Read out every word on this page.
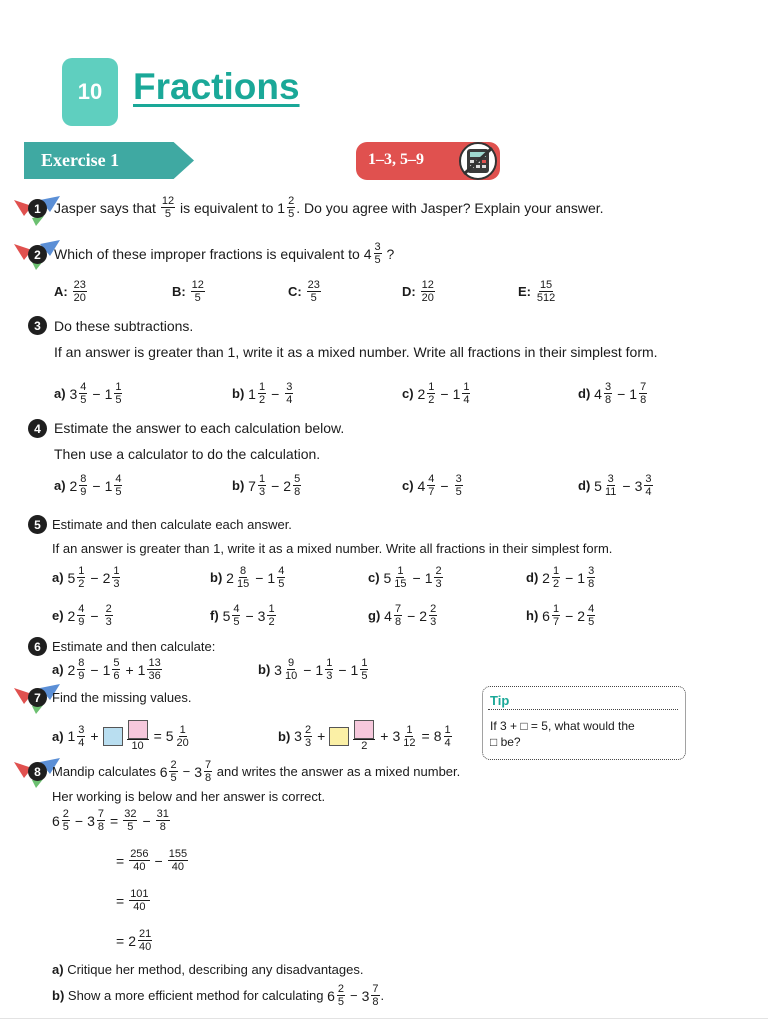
10 Fractions
Exercise 1	1–3, 5–9
1 Jasper says that
$\frac{12}{5}$
is equivalent to
$1 \frac{2}{5}$ . Do you agree with Jasper? Explain your answer.
2 Which of these improper fractions is equivalent to
$4 \frac{3}{5}$
?
A:
$\frac{23}{20}$	B:
$\frac{12}{5}$	C:
$\frac{23}{5}$	D:
$\frac{12}{20}$	E:
$\frac{15}{512}$
3 Do these subtractions.
If an answer is greater than 1, write it as a mixed number. Write all fractions in their simplest form.
a)
$3 \frac{4}{5} - 1 \frac{1}{5}$	b)
$1 \frac{1}{2} - \frac{3}{4}$	c)
$2 \frac{1}{2} - 1 \frac{1}{4}$	d)
$4 \frac{3}{8} - 1 \frac{7}{8}$
4 Estimate the answer to each calculation below.
Then use a calculator to do the calculation.
a)
$2 \frac{8}{9} - 1 \frac{4}{5}$	b)
$7 \frac{1}{3} - 2 \frac{5}{8}$	c)
$4 \frac{4}{7} - \frac{3}{5}$	d)
$5 \frac{3}{11} - 3 \frac{3}{4}$
5 Estimate and then calculate each answer.
If an answer is greater than 1, write it as a mixed number. Write all fractions in their simplest form.
a)
$5 \frac{1}{2} - 2 \frac{1}{3}$	b)
$2 \frac{8}{15} - 1 \frac{4}{5}$	c)
$5 \frac{1}{15} - 1 \frac{2}{3}$	d)
$2 \frac{1}{2} - 1 \frac{3}{8}$
e)
$2 \frac{4}{9} - \frac{2}{3}$	f)
$5 \frac{4}{5} - 3 \frac{1}{2}$	g)
$4 \frac{7}{8} - 2 \frac{2}{3}$	h)
$6 \frac{1}{7} - 2 \frac{4}{5}$
6 Estimate and then calculate:
a)
$2 \frac{8}{9} - 1 \frac{5}{6} + 1 \frac{13}{36}$	b)
$3 \frac{9}{10} - 1 \frac{1}{3} - 1 \frac{1}{5}$
7 Find the missing values.
a)
$1 \frac{3}{4}$ +
10
= $5 \frac{1}{20}$	b)
$3 \frac{2}{3}$ +
2
+ $3 \frac{1}{12} = 8 \frac{1}{4}$
Tip
If 3 + □ = 5, what would the
□ be?
8 Mandip calculates
$6 \frac{2}{5} - 3 \frac{7}{8}$
and writes the answer as a mixed number.
Her working is below and her answer is correct.
$6 \frac{2}{5} - 3 \frac{7}{8} = \frac{32}{5} - \frac{31}{8}$
= $\frac{256}{40} - \frac{155}{40}$
= $\frac{101}{40}$
= $2 \frac{21}{40}$
a) Critique her method, describing any disadvantages.
b)
Show a more efficient method for calculating
$6 \frac{2}{5} - 3 \frac{7}{8}$ .
